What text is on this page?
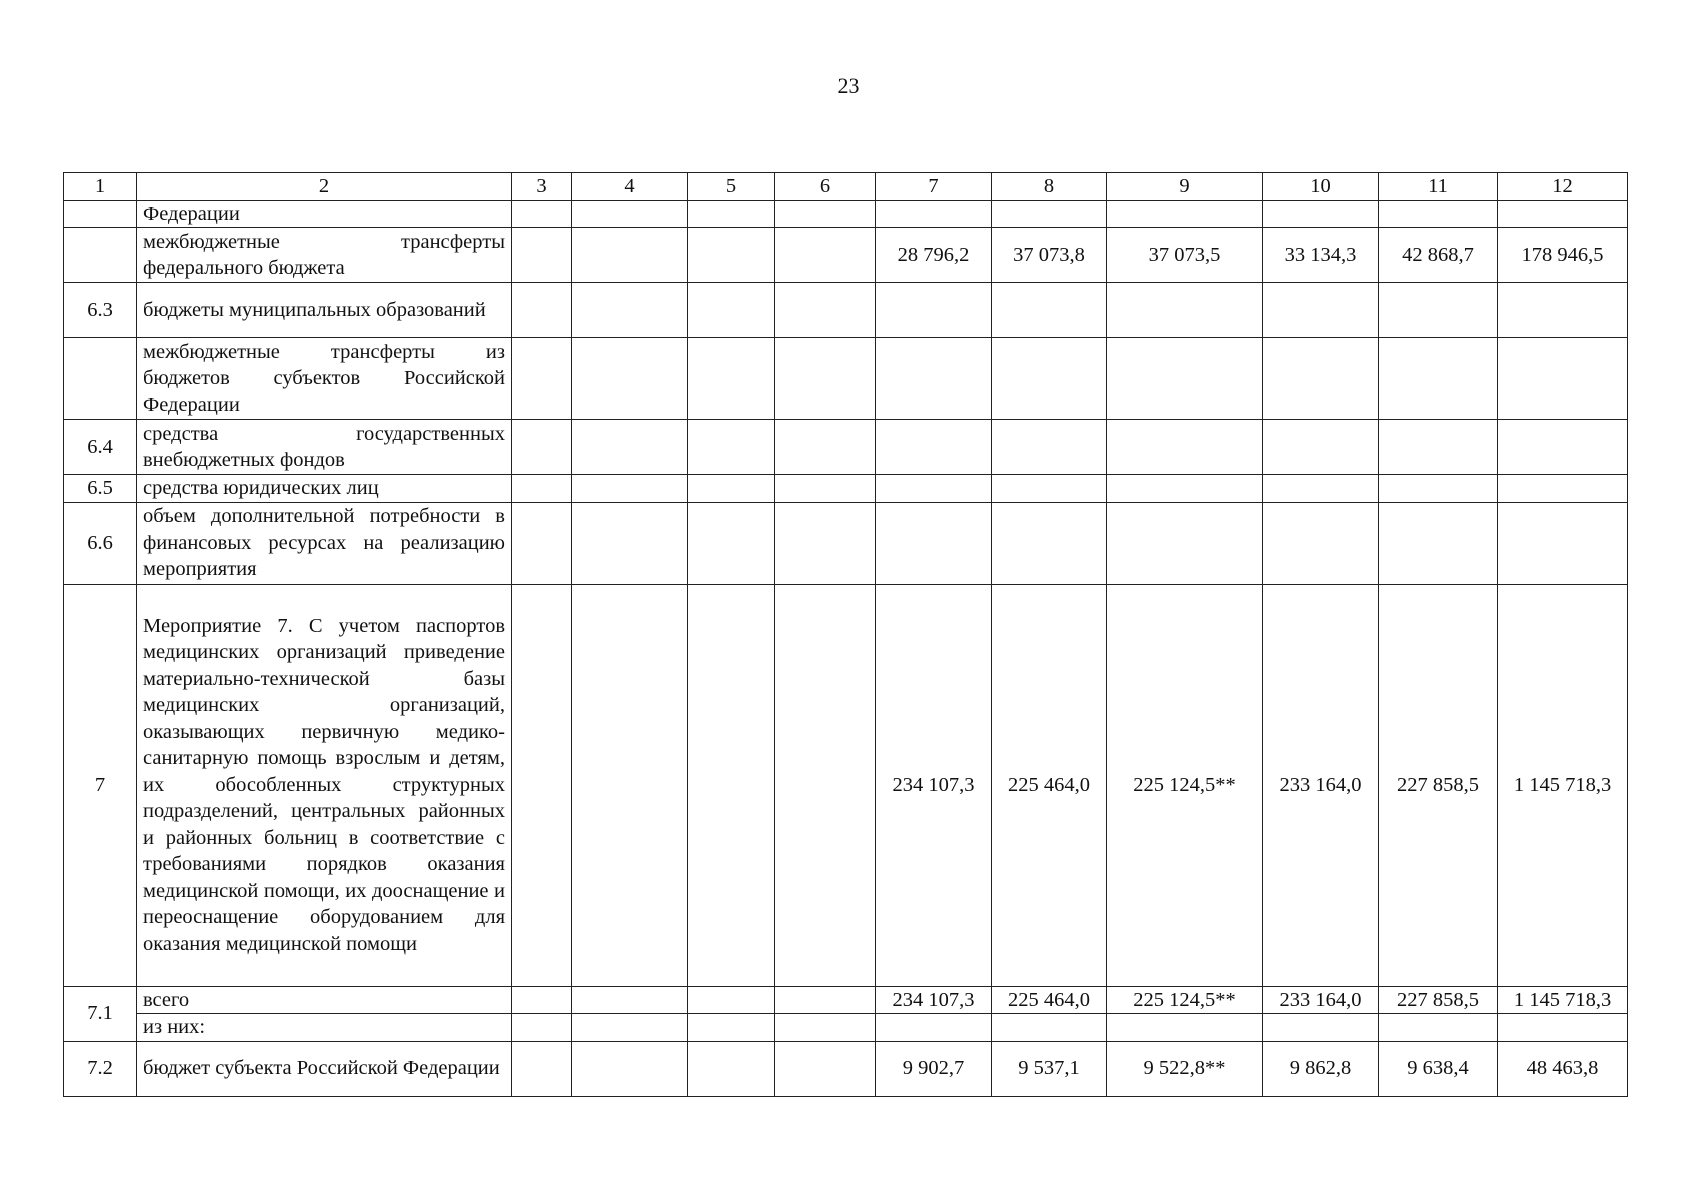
23
1	2	3	4	5	6	7	8	9	10	11	12
	Федерации										
	межбюджетные трансферты федерального бюджета					28 796,2	37 073,8	37 073,5	33 134,3	42 868,7	178 946,5
6.3	бюджеты муниципальных образований										
	межбюджетные трансферты из бюджетов субъектов Российской Федерации										
6.4	средства государственных внебюджетных фондов										
6.5	средства юридических лиц										
6.6	объем дополнительной потребности в финансовых ресурсах на реализацию мероприятия										
7	Мероприятие 7. С учетом паспортов медицинских организаций приведение материально-технической базы медицинских организаций, оказывающих первичную медико-санитарную помощь взрослым и детям, их обособленных структурных подразделений, центральных районных и районных больниц в соответствие с требованиями порядков оказания медицинской помощи, их дооснащение и переоснащение оборудованием для оказания медицинской помощи					234 107,3	225 464,0	225 124,5**	233 164,0	227 858,5	1 145 718,3
7.1	всего					234 107,3	225 464,0	225 124,5**	233 164,0	227 858,5	1 145 718,3
	из них:										
7.2	бюджет субъекта Российской Федерации					9 902,7	9 537,1	9 522,8**	9 862,8	9 638,4	48 463,8
